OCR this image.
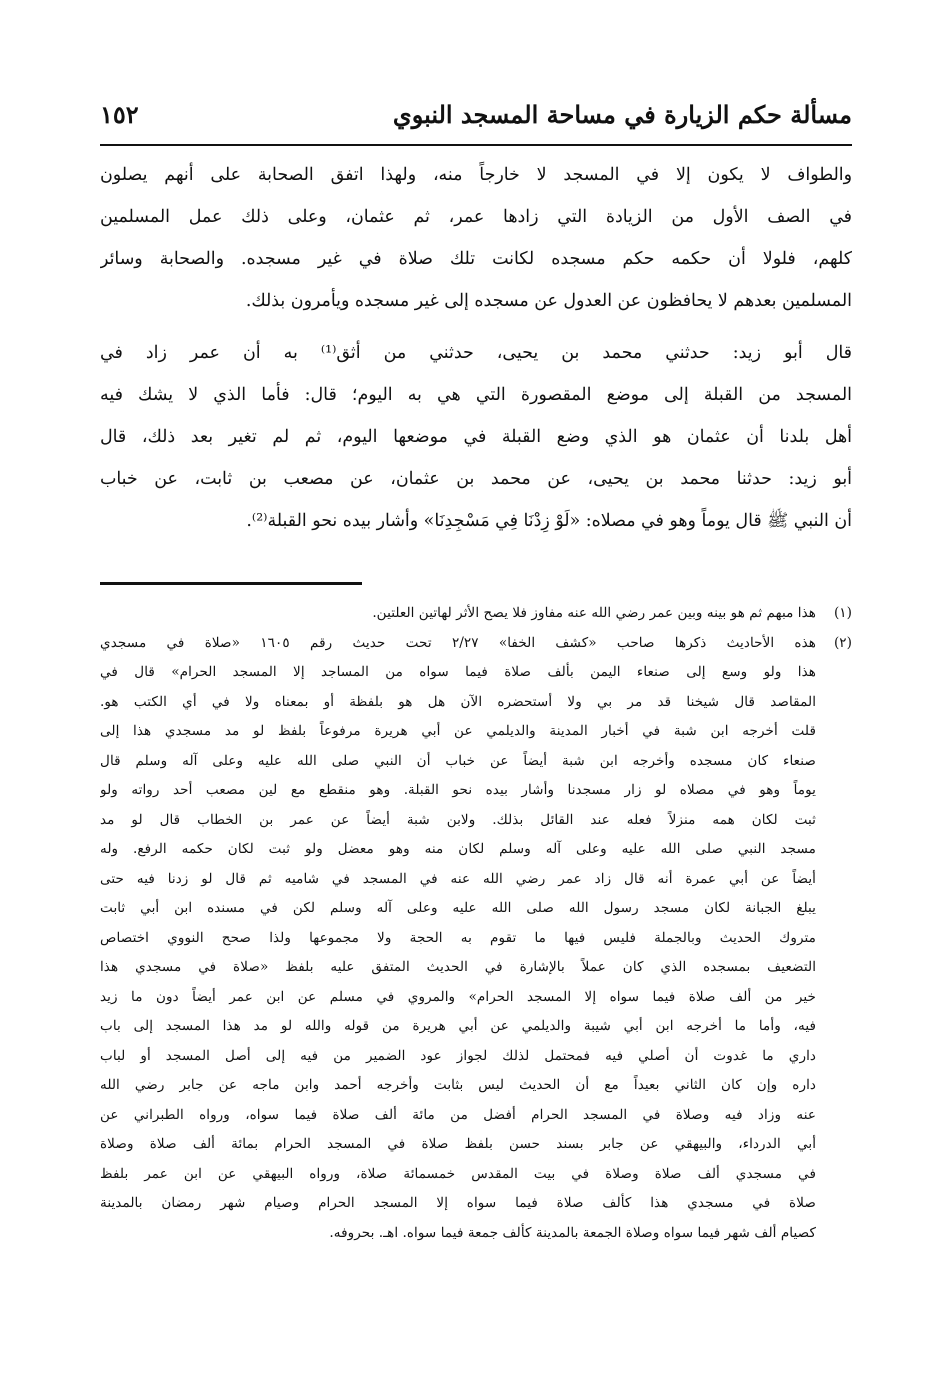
مسألة حكم الزيارة في مساحة المسجد النبوي
١٥٢
والطواف لا يكون إلا في المسجد لا خارجاً منه، ولهذا اتفق الصحابة على أنهم يصلون
في الصف الأول من الزيادة التي زادها عمر، ثم عثمان، وعلى ذلك عمل المسلمين
كلهم، فلولا أن حكمه حكم مسجده لكانت تلك صلاة في غير مسجده. والصحابة وسائر
المسلمين بعدهم لا يحافظون عن العدول عن مسجده إلى غير مسجده ويأمرون بذلك.
قال أبو زيد: حدثني محمد بن يحيى، حدثني من أثق⁽¹⁾ به أن عمر زاد في
المسجد من القبلة إلى موضع المقصورة التي هي به اليوم؛ قال: فأما الذي لا يشك فيه
أهل بلدنا أن عثمان هو الذي وضع القبلة في موضعها اليوم، ثم لم تغير بعد ذلك، قال
أبو زيد: حدثنا محمد بن يحيى، عن محمد بن عثمان، عن مصعب بن ثابت، عن خباب
أن النبي ﷺ قال يوماً وهو في مصلاه: «لَوْ زِدْنَا فِي مَسْجِدِنَا» وأشار بيده نحو القبلة⁽²⁾.
(١)
هذا مبهم ثم هو بينه وبين عمر رضي الله عنه مفاوز فلا يصح الأثر لهاتين العلتين.
(٢)
هذه الأحاديث ذكرها صاحب «كشف الخفا» ٢/٢٧ تحت حديث رقم ١٦٠٥ «صلاة في مسجدي
هذا ولو وسع إلى صنعاء اليمن بألف صلاة فيما سواه من المساجد إلا المسجد الحرام» قال في
المقاصد قال شيخنا قد مر بي ولا أستحضره الآن هل هو بلفظة أو بمعناه ولا في أي الكتب هو.
قلت أخرجه ابن شبة في أخبار المدينة والديلمي عن أبي هريرة مرفوعاً بلفظ لو مد مسجدي هذا إلى
صنعاء كان مسجده وأخرجه ابن شبة أيضاً عن خباب أن النبي صلى الله عليه وعلى آله وسلم قال
يوماً وهو في مصلاه لو زار مسجدنا وأشار بيده نحو القبلة. وهو منقطع مع لين مصعب أحد رواته ولو
ثبت لكان همه منزلاً فعله عند القائل بذلك. ولابن شبة أيضاً عن عمر بن الخطاب قال لو مد
مسجد النبي صلى الله عليه وعلى آله وسلم لكان منه وهو معضل ولو ثبت لكان حكمه الرفع. وله
أيضاً عن أبي عمرة أنه قال زاد عمر رضي الله عنه في المسجد في شاميه ثم قال لو زدنا فيه حتى
يبلغ الجبانة لكان مسجد رسول الله صلى الله عليه وعلى آله وسلم لكن في مسنده ابن أبي ثابت
متروك الحديث وبالجملة فليس فيها ما تقوم به الحجة ولا مجموعها ولذا صحح النووي اختصاص
التضعيف بمسجده الذي كان عملاً بالإشارة في الحديث المتفق عليه بلفظ «صلاة في مسجدي هذا
خير من ألف صلاة فيما سواه إلا المسجد الحرام» والمروي في مسلم عن ابن عمر أيضاً دون ما زيد
فيه، وأما ما أخرجه ابن أبي شيبة والديلمي عن أبي هريرة من قوله والله لو مد هذا المسجد إلى باب
داري ما غدوت أن أصلي فيه فمحتمل لذلك لجواز عود الضمير من فيه إلى أصل المسجد أو لباب
داره وإن كان الثاني بعيداً مع أن الحديث ليس بثابت وأخرجه أحمد وابن ماجه عن جابر رضي الله
عنه وزاد فيه وصلاة في المسجد الحرام أفضل من مائة ألف صلاة فيما سواه، ورواه الطبراني عن
أبي الدرداء، والبيهقي عن جابر بسند حسن بلفظ صلاة في المسجد الحرام بمائة ألف صلاة وصلاة
في مسجدي ألف صلاة وصلاة في بيت المقدس خمسمائة صلاة، ورواه البيهقي عن ابن عمر بلفظ
صلاة في مسجدي هذا كألف صلاة فيما سواه إلا المسجد الحرام وصيام شهر رمضان بالمدينة
كصيام ألف شهر فيما سواه وصلاة الجمعة بالمدينة كألف جمعة فيما سواه. اهـ. بحروفه.
